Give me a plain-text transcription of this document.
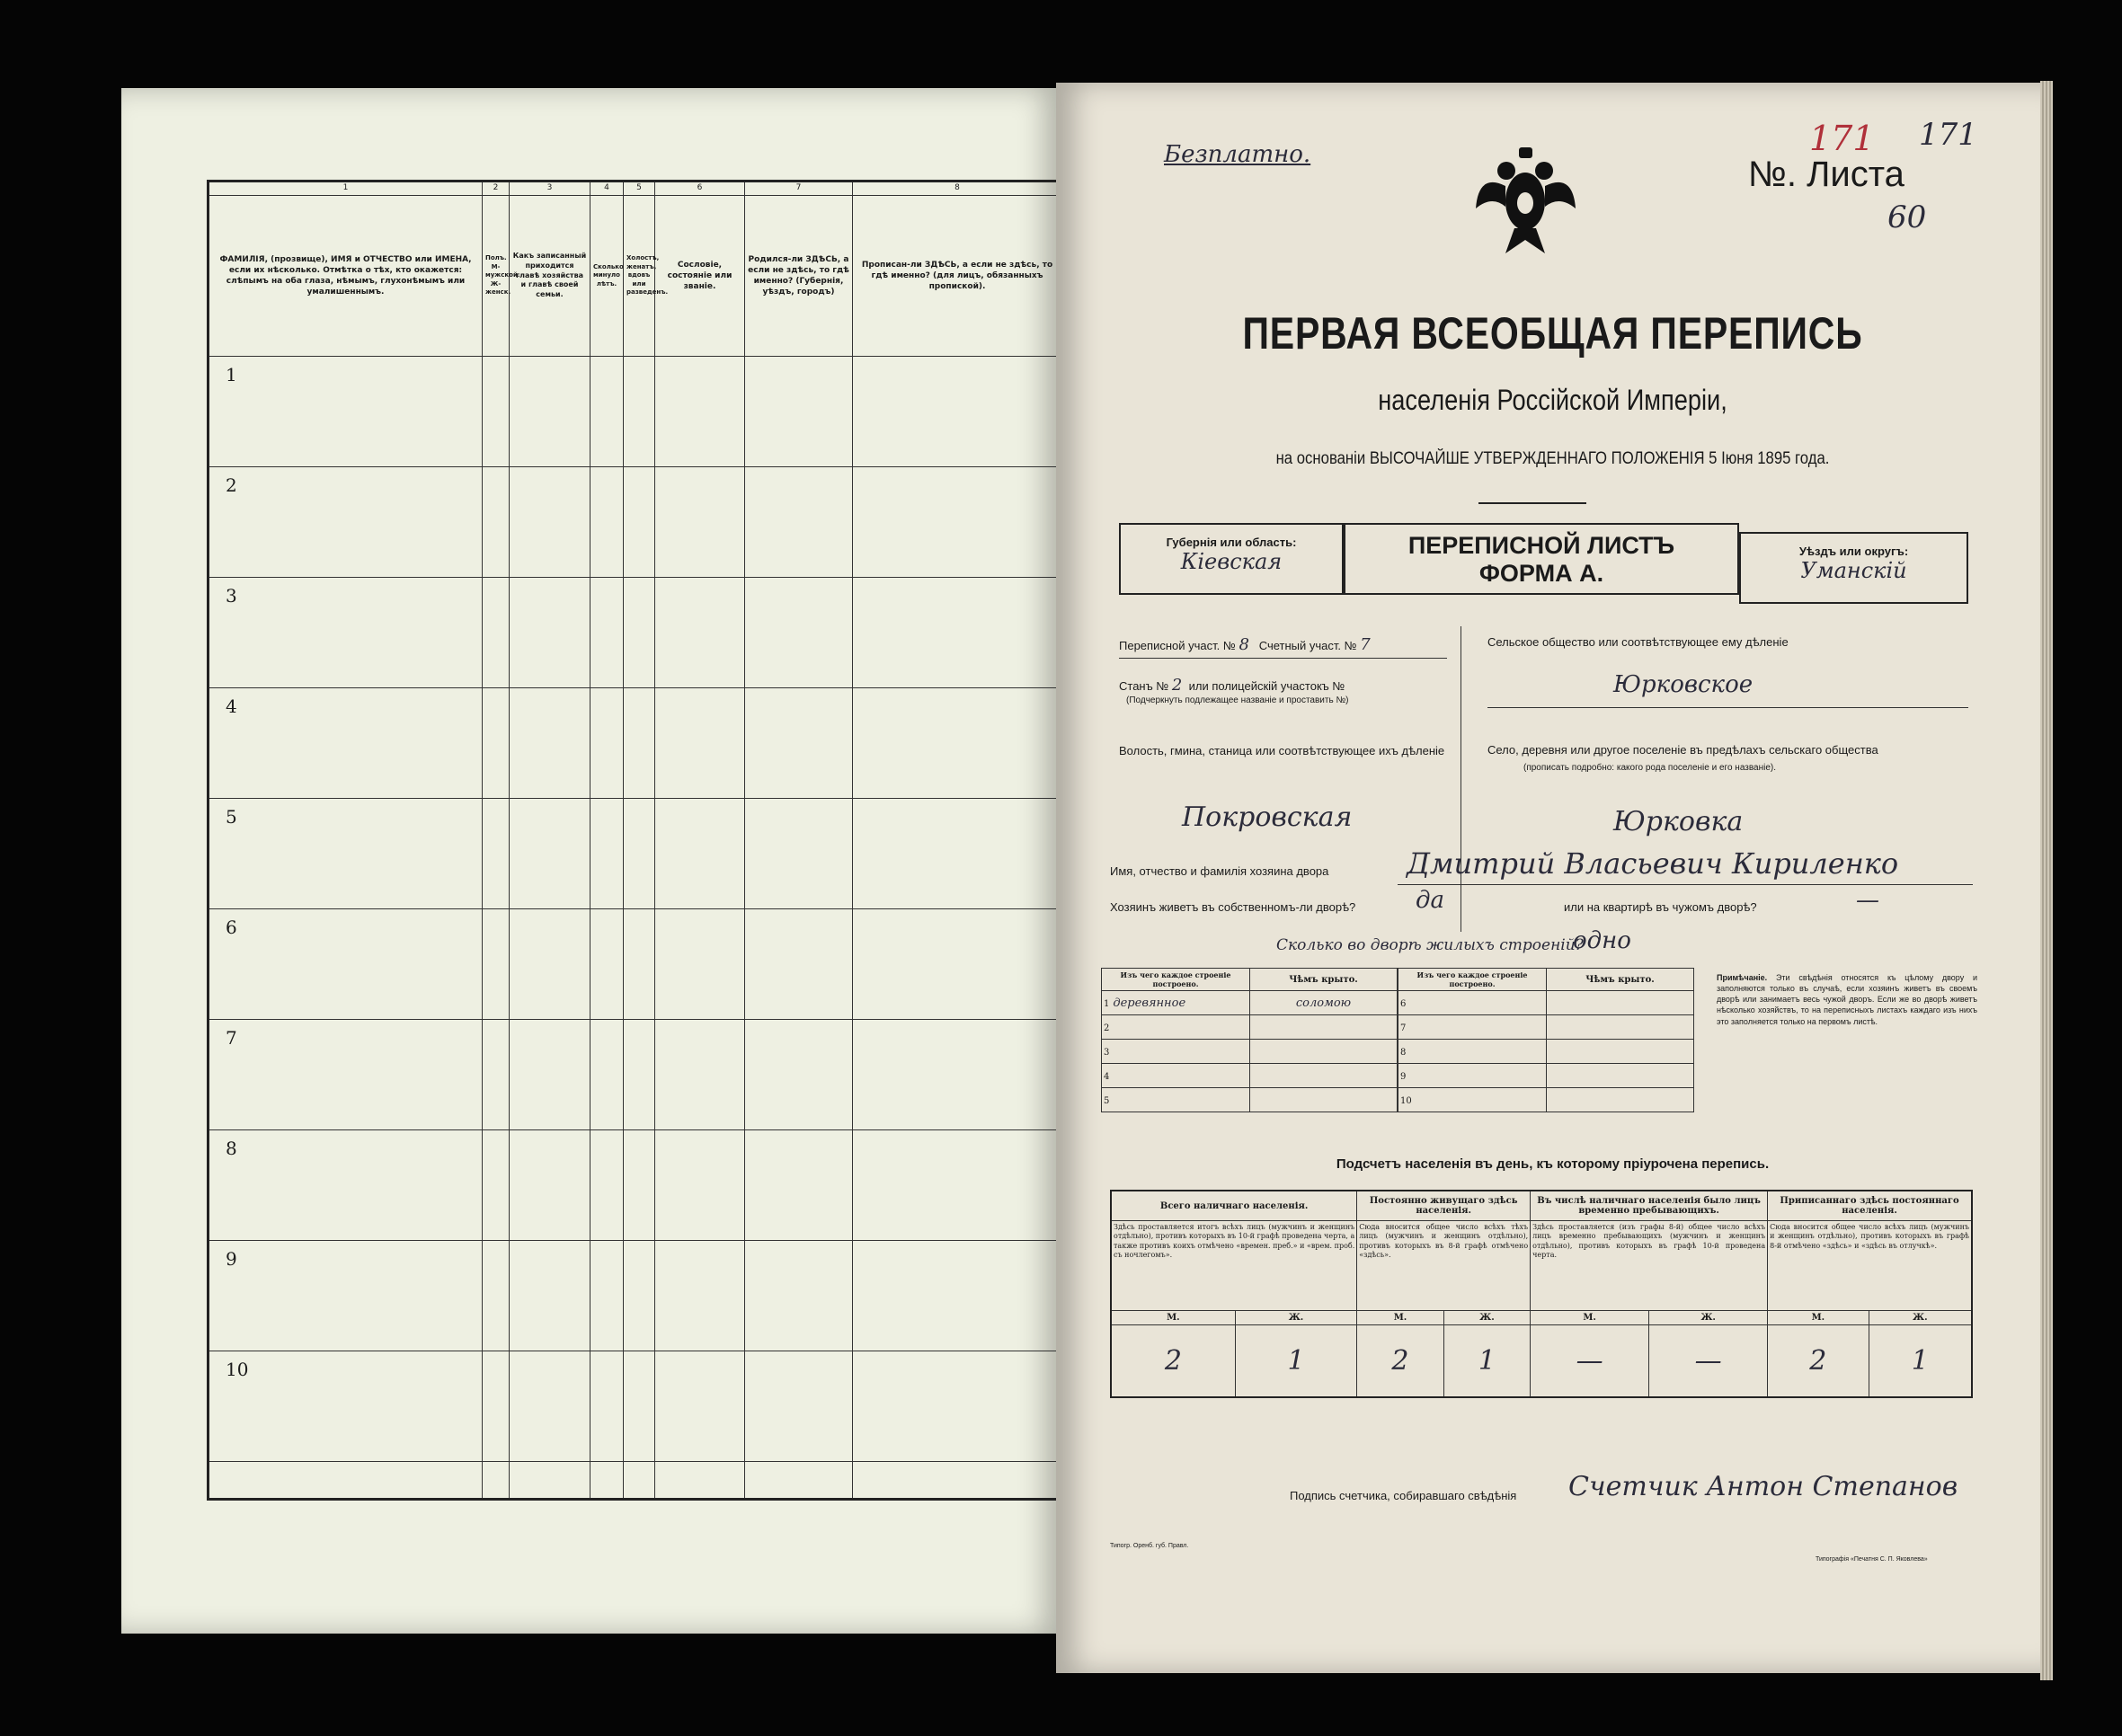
1	2	3	4	5	6	7	8
ФАМИЛІЯ, (прозвище), ИМЯ и ОТЧЕСТВО или ИМЕНА, если их нѣсколько. Отмѣтка о тѣх, кто окажется: слѣпымъ на оба глаза, нѣмымъ, глухонѣмымъ или умалишеннымъ.	Полъ. М-мужской. Ж-женск.	Какъ записанный приходится главѣ хозяйства и главѣ своей семьи.	Сколько минуло лѣтъ.	Холостъ, женатъ, вдовъ или разведенъ.	Сословіе, состояніе или званіе.	Родился-ли ЗДѢСЬ, а если не здѣсь, то гдѣ именно? (Губернія, уѣздъ, городъ)	Прописан-ли ЗДѢСЬ, а если не здѣсь, то гдѣ именно? (для лицъ, обязанныхъ пропиской).
1							
2							
3							
4							
5							
6							
7							
8							
9							
10							

Безплатно.	№. Листа
171 171
60
ПЕРВАЯ ВСЕОБЩАЯ ПЕРЕПИСЬ
населенія Россійской Имперіи,
на основаніи ВЫСОЧАЙШЕ УТВЕРЖДЕННАГО ПОЛОЖЕНІЯ 5 Іюня 1895 года.
Губернія или область:
Кіевская
ПЕРЕПИСНОЙ ЛИСТЪ
ФОРМА А.
Уѣздъ или округъ:
Уманскій
Переписной участ. № 8 Счетный участ. № 7
Станъ № 2 или полицейскій участокъ №
(Подчеркнуть подлежащее названіе и проставить №)
Волость, гмина, станица или соотвѣтствующее ихъ дѣленіе
Покровская
Сельское общество или соотвѣтствующее ему дѣленіе
Юрковское
Село, деревня или другое поселеніе въ предѣлахъ сельскаго общества
(прописать подробно: какого рода поселеніе и его названіе).
Юрковка
Имя, отчество и фамилія хозяина двора	Дмитрий Власьевич Кириленко
Хозяинъ живетъ въ собственномъ-ли дворѣ?	да	или на квартирѣ въ чужомъ дворѣ?	—
Сколько во дворѣ жилыхъ строеній?
одно
Изъ чего каждое строеніе построено.	Чѣмъ крыто.
1 деревянное	соломою
2	
3	
4	
5	
Изъ чего каждое строеніе построено.	Чѣмъ крыто.
6	
7	
8	
9	
10	
Примѣчаніе. Эти свѣдѣнія относятся къ цѣлому двору и заполняются только въ случаѣ, если хозяинъ живетъ въ своемъ дворѣ или занимаетъ весь чужой дворъ. Если же во дворѣ живетъ нѣсколько хозяйствъ, то на переписныхъ листахъ каждаго изъ нихъ это заполняется только на первомъ листѣ.
Подсчетъ населенія въ день, къ которому пріурочена перепись.
Всего наличнаго населенія.		Постоянно живущаго здѣсь населенія.		Въ числѣ наличнаго населенія было лицъ временно пребывающихъ.		Приписаннаго здѣсь постояннаго населенія.	
Здѣсь проставляется итогъ всѣхъ лицъ (мужчинъ и женщинъ отдѣльно), противъ которыхъ въ 10-й графѣ проведена черта, а также противъ коихъ отмѣчено «времен. преб.» и «врем. проб. съ ночлегомъ».		Сюда вносится общее число всѣхъ тѣхъ лицъ (мужчинъ и женщинъ отдѣльно), противъ которыхъ въ 8-й графѣ отмѣчено «здѣсь».		Здѣсь проставляется (изъ графы 8-й) общее число всѣхъ лицъ временно пребывающихъ (мужчинъ и женщинъ отдѣльно), противъ которыхъ въ графѣ 10-й проведена черта.		Сюда вносится общее число всѣхъ лицъ (мужчинъ и женщинъ отдѣльно), противъ которыхъ въ графѣ 8-й отмѣчено «здѣсь» и «здѣсь въ отлучкѣ».	
М.	Ж.	М.	Ж.	М.	Ж.	М.	Ж.
2	1	2	1	—	—	2	1
Подпись счетчика, собиравшаго свѣдѣнія Счетчик Антон Степанов
Типогр. Оренб. губ. Правл.
Типографія «Печатня С. П. Яковлева»
